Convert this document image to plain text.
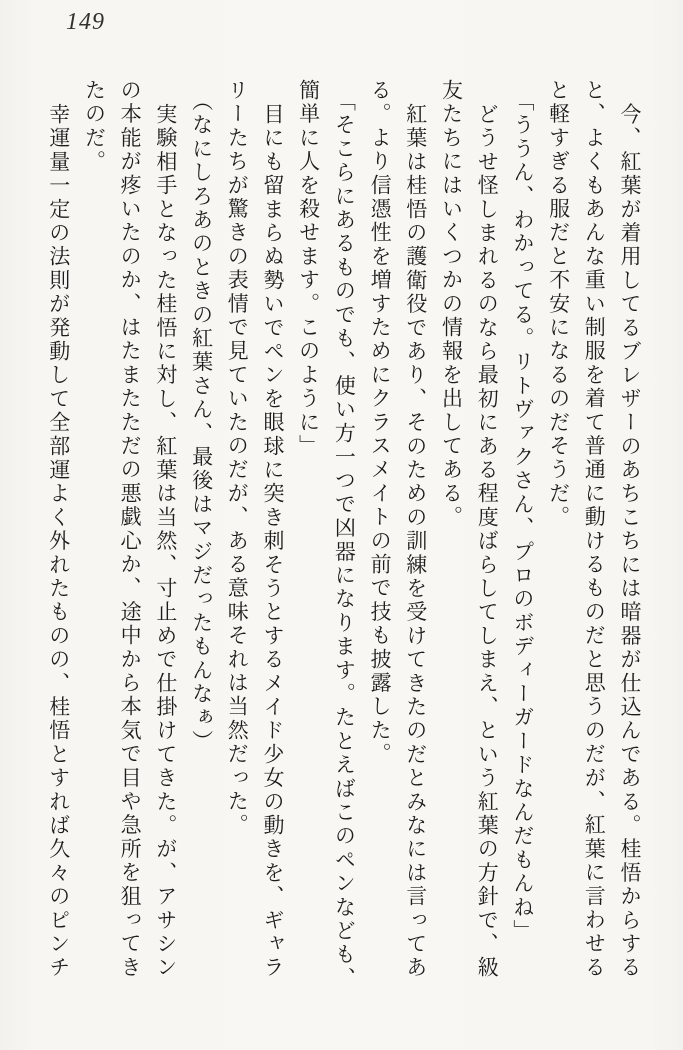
149

今、紅葉が着用してるブレザーのあちこちには暗器が仕込んである。桂悟からする

と、よくもあんな重い制服を着て普通に動けるものだと思うのだが、紅葉に言わせる

と軽すぎる服だと不安になるのだそうだ。

「ううん、わかってる。リトヴァクさん、プロのボディーガードなんだもんね」

どうせ怪しまれるのなら最初にある程度ばらしてしまえ、という紅葉の方針で、級

友たちにはいくつかの情報を出してある。

紅葉は桂悟の護衛役であり、そのための訓練を受けてきたのだとみなには言ってあ

る。より信憑性を増すためにクラスメイトの前で技も披露した。

「そこらにあるものでも、使い方一つで凶器になります。たとえばこのペンなども、

簡単に人を殺せます。このように」

目にも留まらぬ勢いでペンを眼球に突き刺そうとするメイド少女の動きを、ギャラ

リーたちが驚きの表情で見ていたのだが、ある意味それは当然だった。

（なにしろあのときの紅葉さん、最後はマジだったもんなぁ）

実験相手となった桂悟に対し、紅葉は当然、寸止めで仕掛けてきた。が、アサシン

の本能が疼いたのか、はたまたただの悪戯心か、途中から本気で目や急所を狙ってき

たのだ。

幸運量一定の法則が発動して全部運よく外れたものの、桂悟とすれば久々のピンチ
